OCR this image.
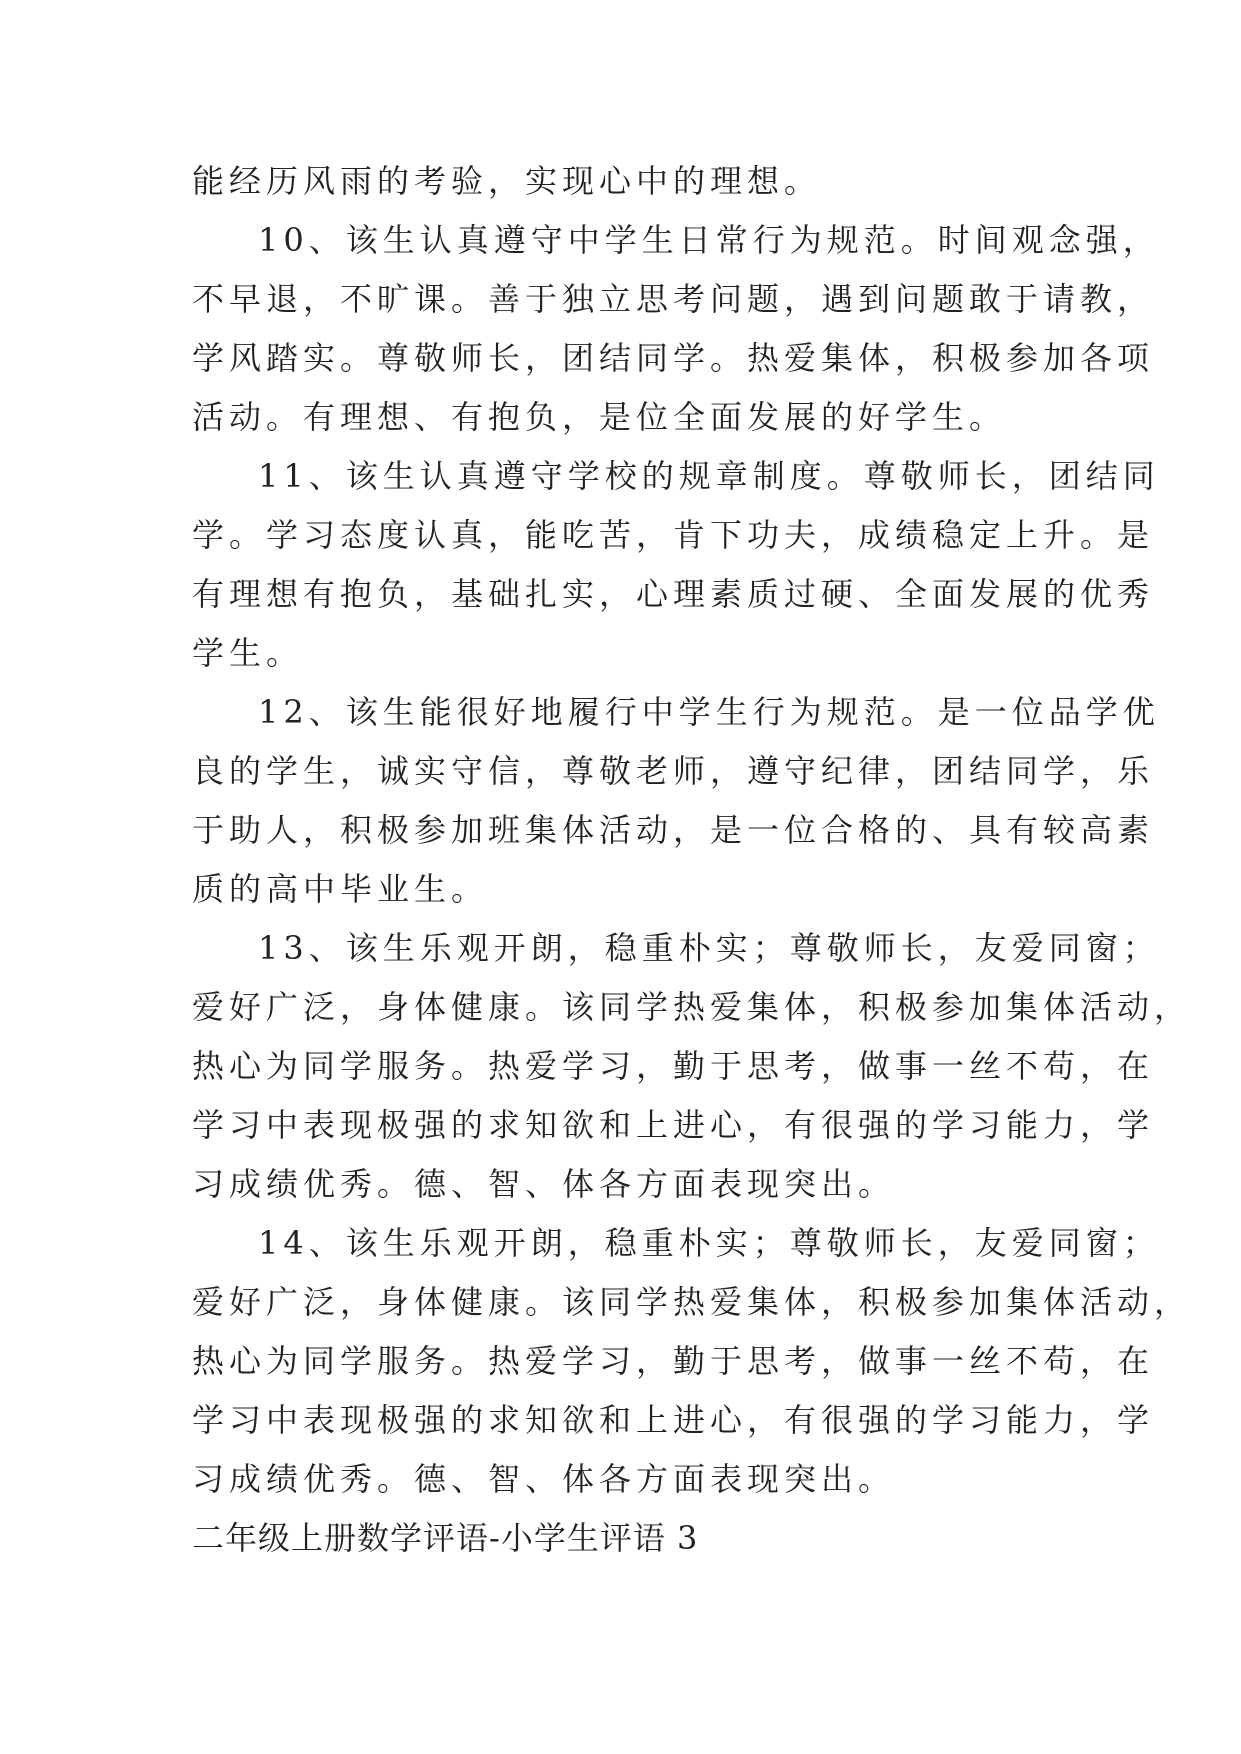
能经历风雨的考验，实现心中的理想。
10、该生认真遵守中学生日常行为规范。时间观念强，
不早退，不旷课。善于独立思考问题，遇到问题敢于请教，
学风踏实。尊敬师长，团结同学。热爱集体，积极参加各项
活动。有理想、有抱负，是位全面发展的好学生。
11、该生认真遵守学校的规章制度。尊敬师长，团结同
学。学习态度认真，能吃苦，肯下功夫，成绩稳定上升。是
有理想有抱负，基础扎实，心理素质过硬、全面发展的优秀
学生。
12、该生能很好地履行中学生行为规范。是一位品学优
良的学生，诚实守信，尊敬老师，遵守纪律，团结同学，乐
于助人，积极参加班集体活动，是一位合格的、具有较高素
质的高中毕业生。
13、该生乐观开朗，稳重朴实；尊敬师长，友爱同窗；
爱好广泛，身体健康。该同学热爱集体，积极参加集体活动，
热心为同学服务。热爱学习，勤于思考，做事一丝不苟，在
学习中表现极强的求知欲和上进心，有很强的学习能力，学
习成绩优秀。德、智、体各方面表现突出。
14、该生乐观开朗，稳重朴实；尊敬师长，友爱同窗；
爱好广泛，身体健康。该同学热爱集体，积极参加集体活动，
热心为同学服务。热爱学习，勤于思考，做事一丝不苟，在
学习中表现极强的求知欲和上进心，有很强的学习能力，学
习成绩优秀。德、智、体各方面表现突出。
二年级上册数学评语-小学生评语 3
